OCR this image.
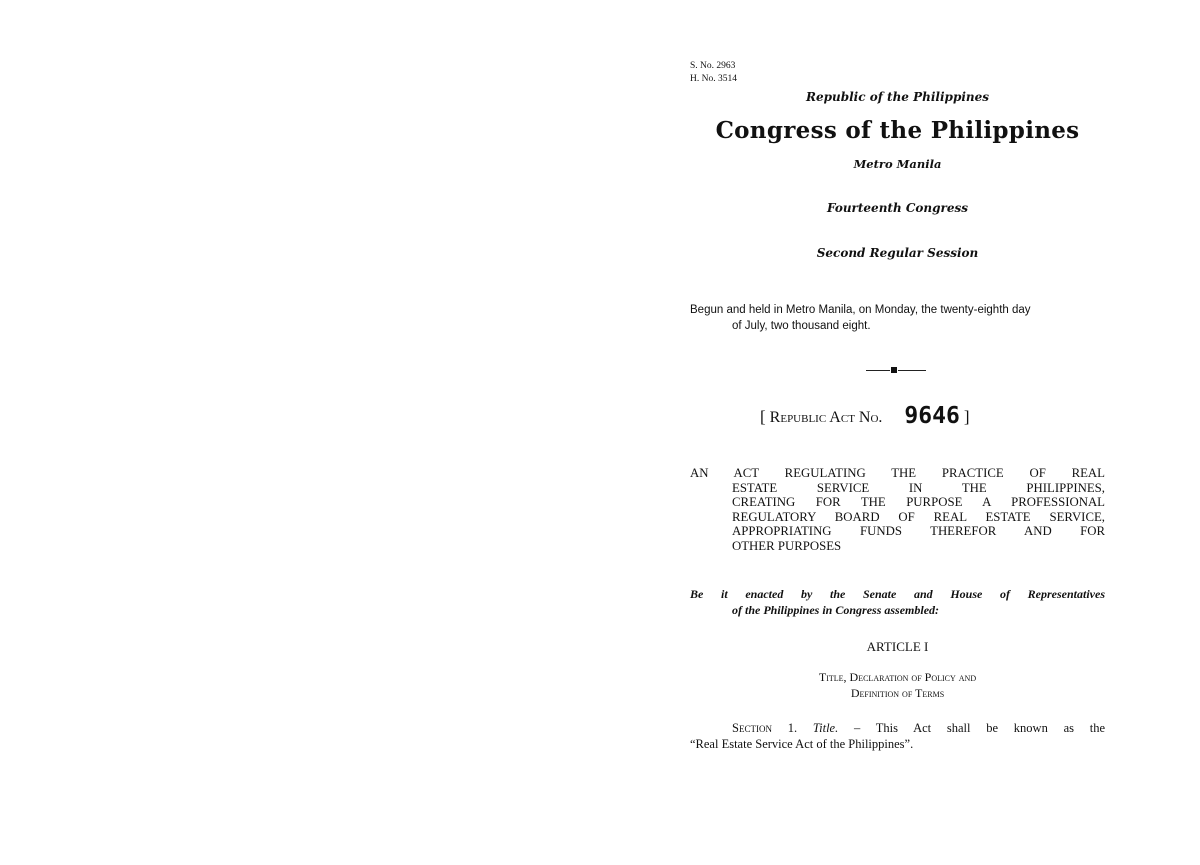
S. No. 2963
H. No. 3514
Republic of the Philippines
Congress of the Philippines
Metro Manila
Fourteenth Congress
Second Regular Session
Begun and held in Metro Manila, on Monday, the twenty-eighth day
of July, two thousand eight.
[ Republic Act No. 9646 ]
AN ACT REGULATING THE PRACTICE OF REAL
ESTATE SERVICE IN THE PHILIPPINES,
CREATING FOR THE PURPOSE A PROFESSIONAL
REGULATORY BOARD OF REAL ESTATE SERVICE,
APPROPRIATING FUNDS THEREFOR AND FOR
OTHER PURPOSES
Be it enacted by the Senate and House of Representatives
of the Philippines in Congress assembled:
ARTICLE I
Title, Declaration of Policy and
Definition of Terms
Section 1. Title. – This Act shall be known as the
“Real Estate Service Act of the Philippines”.
